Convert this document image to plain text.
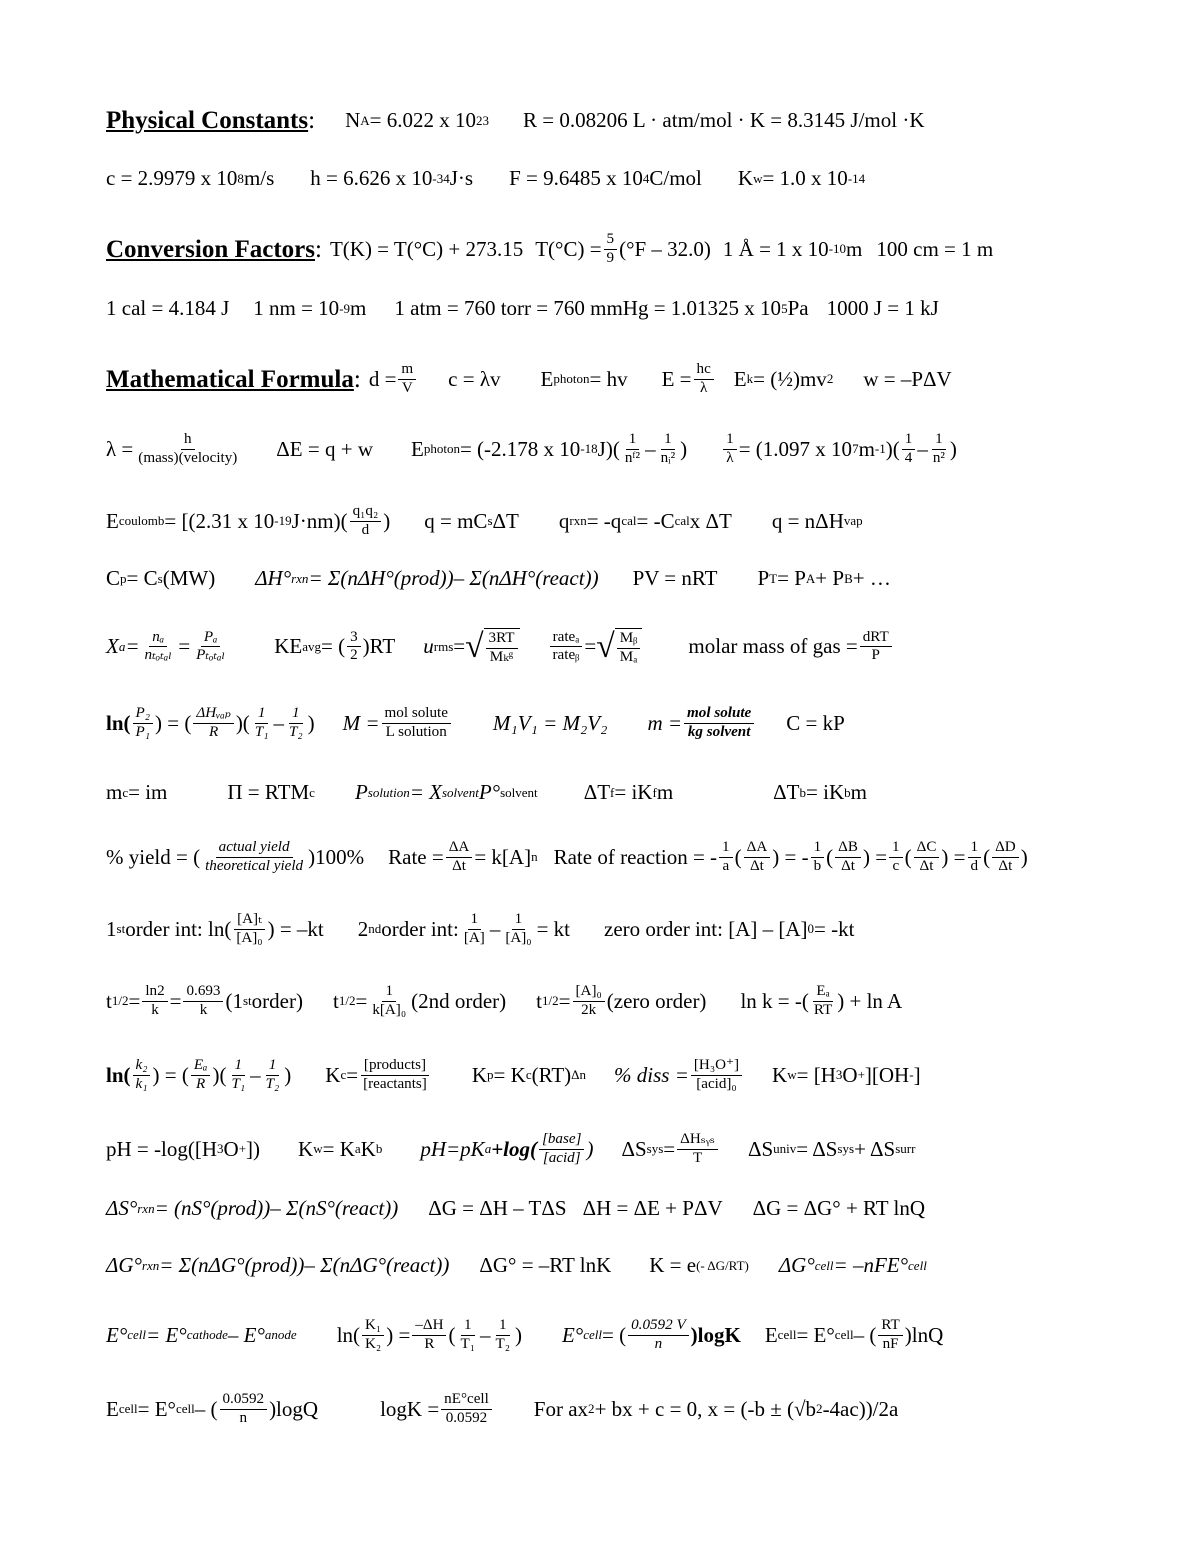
Physical Constants : N A = 6.022 x 10 23 R = 0.08206 L · atm/mol · K = 8.3145 J/mol ·K
c = 2.9979 x 10 8 m/s h = 6.626 x 10 -34 J·s F = 9.6485 x 10 4 C/mol K w = 1.0 x 10 -14
Conversion Factors : T(K) = T(°C) + 273.15 $T(^\circ C) = \frac{5}{9} (^\circ F - 32.0)$ 1 Å = 1 x 10 -10 m 100 cm = 1 m
1 cal = 4.184 J 1 nm = 10 -9 m 1 atm = 760 torr = 760 mmHg = 1.01325 x 10 5 Pa 1000 J = 1 kJ
Mathematical Formula : $d = \frac{m}{V}$ c = λv E photon = hv $E = \frac{hc}{\lambda}$ E k = (½)mv 2 w = –PΔV
$\lambda = \frac{h}{\text{(mass)(velocity)}}$ ΔE = q + w E photon = (-2.178 x 10 -18 $J)( \frac{1}{\text{nᶠ²}} - \frac{1}{\text{nᵢ²}}$ ) $\frac{1}{\lambda} = (1.097$ x 10 7 m -1 )( $\frac{1}{4} - \frac{1}{\text{n²}}$ )
E coulomb = [(2.31 x 10 -19 $J\cdot nm)( \frac{\text{q₁q₂}}{d}$ ) q = mC s ΔT q rxn = -q cal = -C cal x ΔT q = nΔH vap
C p = C s (MW) ΔH° rxn = Σ(nΔH°(prod))– Σ(nΔH°(react)) PV = nRT P T = P A + P B + …
X $a = \frac{\text{nₐ}}{\text{nₜₒₜₐₗ}} = \frac{\text{Pₐ}}{\text{Pₜₒₜₐₗ}}$ KE avg = ( $\frac{3}{2} )RT$ u rms = √ $\frac{3RT}{\text{Mₖᵍ}} \frac{\text{rateₐ}}{\text{rateᵦ}}$ = √ $\frac{\text{Mᵦ}}{\text{Mₐ}}$ molar mass of gas = $\frac{\text{dRT}}{P}$
$\ln( \frac{\text{P₂}}{\text{P₁}}$ ) = ( $\frac{\text{ΔHᵥₐₚ}}{R}$ )( $\frac{1}{\text{T₁}} - \frac{1}{\text{T₂}}$ ) $M = \frac{\text{mol solute}}{\text{L solution}} M_1V_1 = M_2V_2$ $m = \frac{\text{mol solute}}{\text{kg solvent}}$ C = kP
m c = im	Π = RTM c P solution = X solvent P° solvent ΔT f = iK f m	ΔT b = iK b m
% yield = ( $\frac{\text{actual yield}}{\text{theoretical yield}} )100\%$ Rate = $\frac{\Delta A}{\Delta t} = k[A]$ n Rate of reaction = - $\frac{1}{a}$ ( $\frac{\Delta A}{\Delta t}$ ) = - $\frac{1}{b}$ ( $\frac{\Delta B}{\Delta t}$ ) = $\frac{1}{c}$ ( $\frac{\Delta C}{\Delta t}$ ) = $\frac{1}{d}$ ( $\frac{\Delta D}{\Delta t}$ )
1 st order int: $\ln( \frac{\text{[A]ₜ}}{\text{[A]₀}}$ ) = –kt 2 nd order int: $\frac{1}{[A]} - \frac{1}{\text{[A]₀}}$ = kt zero order int: [A] – [A] 0 = -kt
t $1/2 = \frac{\ln 2}{k} = \frac{0.693}{k} (1$ st order) t $1/2 = \frac{1}{\text{k[A]₀}} (2nd$ order) t $1/2 = \frac{\text{[A]₀}}{2k}$ (zero order) ln k = -( $\frac{\text{Eₐ}}{RT}$ ) + ln A
$\ln( \frac{\text{k₂}}{\text{k₁}}$ ) = ( $\frac{\text{Eₐ}}{R}$ )( $\frac{1}{\text{T₁}} - \frac{1}{\text{T₂}}$ ) K $c = \frac{\text{[products]}}{\text{[reactants]}}$ K p = K c (RT) Δn % diss = $\frac{\text{[H₃O⁺]}}{\text{[acid]₀}}$ K w = [H 3 O + ][OH - ]
pH = -log([H 3 O + ]) K w = K a K b pH=pK $a +\log( \frac{\text{[base]}}{\text{[acid]}}$ ) ΔS sys = $\frac{\text{ΔHₛᵧₛ}}{T}$ ΔS univ = ΔS sys + ΔS surr
ΔS° rxn = (nS°(prod))– Σ(nS°(react)) ΔG = ΔH – TΔS ΔH = ΔE + PΔV ΔG = ΔG° + RT lnQ
ΔG° rxn = Σ(nΔG°(prod))– Σ(nΔG°(react)) ΔG° = –RT lnK K = e (- ΔG/RT) ΔG° cell = –nFE° cell
E° cell = E° cathode – E° anode $\ln( \frac{\text{K₁}}{\text{K₂}}$ ) = $\frac{-\Delta H}{R}$ ( $\frac{1}{\text{T₁}} - \frac{1}{\text{T₂}}$ ) E° cell = ( $\frac{0.0592 V}{n} )\log K$ E cell = E° cell – ( $\frac{RT}{nF} )\ln Q$
E cell = E° cell – ( $\frac{0.0592}{n} )\log Q$	$\log K = \frac{\text{nE°cell}}{0.0592}$ For ax 2 + bx + c = 0, x = (-b ± (√b 2 -4ac))/2a
